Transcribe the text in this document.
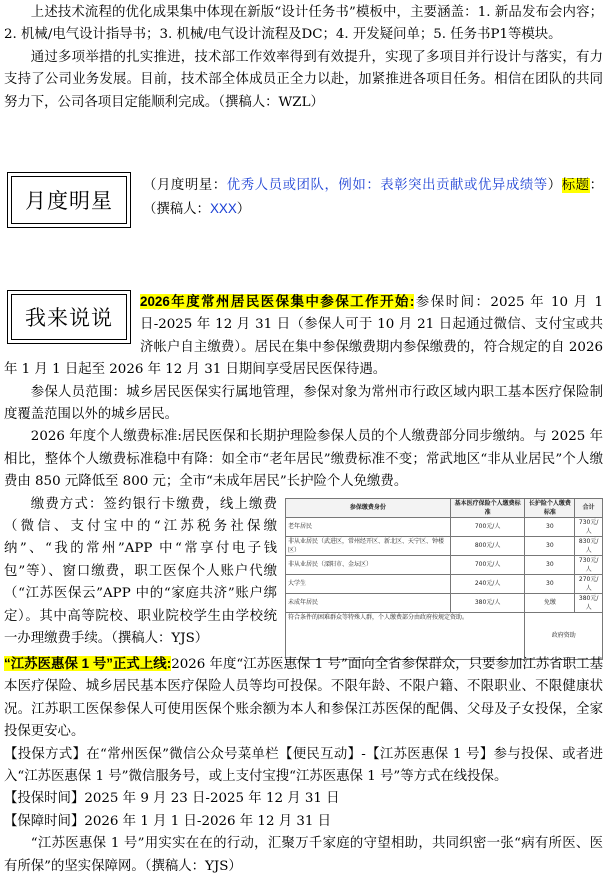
上述技术流程的优化成果集中体现在新版“设计任务书”模板中，主要涵盖：1. 新品发布会内容；2. 机械/电气设计指导书；3. 机械/电气设计流程及DC；4. 开发疑问单；5. 任务书P1等模块。

通过多项举措的扎实推进，技术部工作效率得到有效提升，实现了多项目并行设计与落实，有力支持了公司业务发展。目前，技术部全体成员正全力以赴，加紧推进各项目任务。相信在团队的共同努力下，公司各项目定能顺利完成。（撰稿人：WZL）

月度明星

（月度明星：优秀人员或团队，例如：表彰突出贡献或优异成绩等）标题：（撰稿人：XXX）

我来说说

2026年度常州居民医保集中参保工作开始:参保时间：2025 年 10 月 1 日-2025 年 12 月 31 日（参保人可于 10 月 21 日起通过微信、支付宝或共济帐户自主缴费）。居民在集中参保缴费期内参保缴费的，符合规定的自 2026 年 1 月 1 日起至 2026 年 12 月 31 日期间享受居民医保待遇。

参保人员范围：城乡居民医保实行属地管理，参保对象为常州市行政区域内职工基本医疗保险制度覆盖范围以外的城乡居民。

2026 年度个人缴费标准:居民医保和长期护理险参保人员的个人缴费部分同步缴纳。与 2025 年相比，整体个人缴费标准稳中有降：如全市“老年居民”缴费标准不变；常武地区“非从业居民”个人缴费由 850 元降低至 800 元；全市“未成年居民”长护险个人免缴费。

参保缴费身份	基本医疗保险个人缴费标准	长护险个人缴费标准	合计
老年居民	700元/人	30	730元/人
非从业居民（武进区，常州经开区、新北区、天宁区、钟楼区）	800元/人	30	830元/人
非从业居民（溧阳市、金坛区）	700元/人	30	730元/人
大学生	240元/人	30	270元/人
未成年居民	380元/人	免缴	380元/人
符合条件的困难群众等特殊人群，个人缴费部分由政府按规定资助。		政府资助	

缴费方式：签约银行卡缴费，线上缴费（微信、支付宝中的“江苏税务社保缴纳”、“我的常州”APP 中“常享付电子钱包”等）、窗口缴费，职工医保个人账户代缴（“江苏医保云”APP 中的“家庭共济”账户绑定）。其中高等院校、职业院校学生由学校统一办理缴费手续。（撰稿人：YJS）

“江苏医惠保 1 号”正式上线:2026 年度“江苏医惠保 1 号”面向全省参保群众，只要参加江苏省职工基本医疗保险、城乡居民基本医疗保险人员等均可投保。不限年龄、不限户籍、不限职业、不限健康状况。江苏职工医保参保人可使用医保个账余额为本人和参保江苏医保的配偶、父母及子女投保，全家投保更安心。

【投保方式】在“常州医保”微信公众号菜单栏【便民互动】-【江苏医惠保 1 号】参与投保、或者进入“江苏医惠保 1 号”微信服务号，或上支付宝搜“江苏医惠保 1 号”等方式在线投保。

【投保时间】2025 年 9 月 23 日-2025 年 12 月 31 日

【保障时间】2026 年 1 月 1 日-2026 年 12 月 31 日

“江苏医惠保 1 号”用实实在在的行动，汇聚万千家庭的守望相助，共同织密一张“病有所医、医有所保”的坚实保障网。（撰稿人：YJS）
